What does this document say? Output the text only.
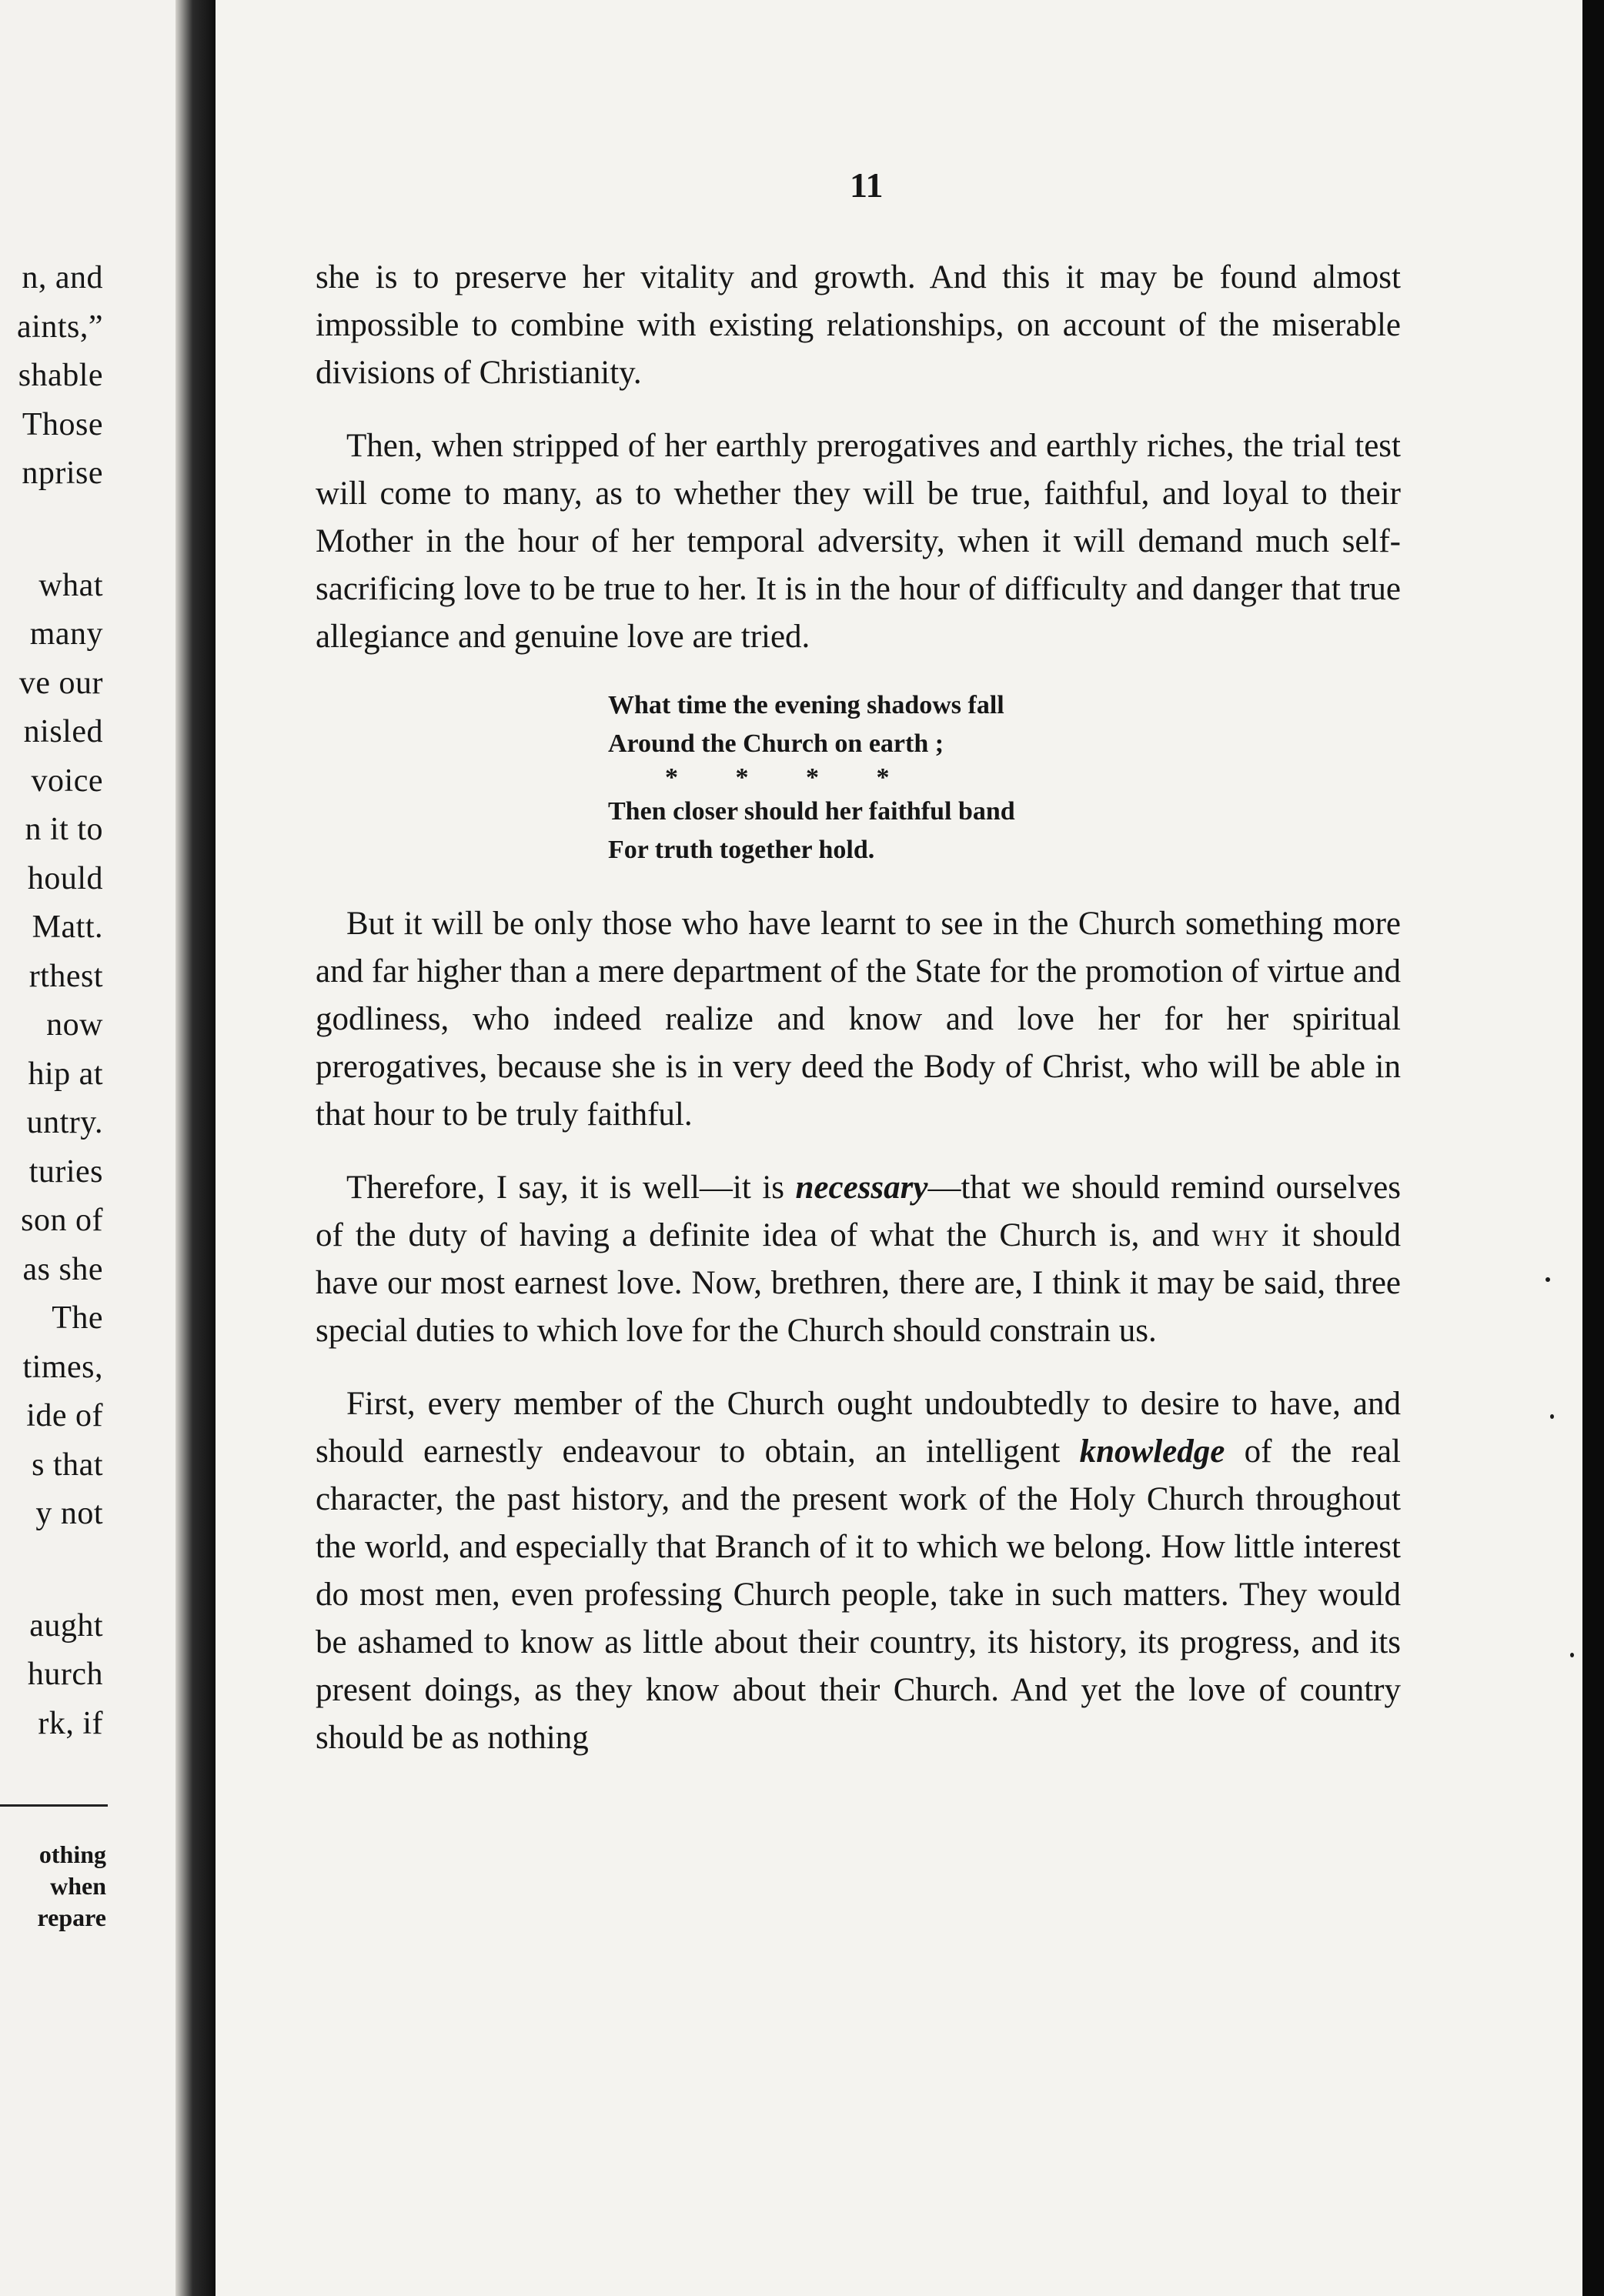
n, and
aints,”
shable
Those
nprise
what
many
ve our
nisled
voice
n it to
hould
Matt.
rthest
now
hip at
untry.
turies
son of
as she
The
times,
ide of
s that
y not
aught
hurch
rk, if
othing
when
repare
11

she is to preserve her vitality and growth. And this it may be found almost impossible to combine with existing relationships, on account of the miserable divisions of Christianity.

Then, when stripped of her earthly prerogatives and earthly riches, the trial test will come to many, as to whether they will be true, faithful, and loyal to their Mother in the hour of her temporal adversity, when it will demand much self-sacrificing love to be true to her. It is in the hour of difficulty and danger that true allegiance and genuine love are tried.

What time the evening shadows fall
Around the Church on earth ;
* * * *
Then closer should her faithful band
For truth together hold.

But it will be only those who have learnt to see in the Church something more and far higher than a mere department of the State for the promotion of virtue and godliness, who indeed realize and know and love her for her spiritual prerogatives, because she is in very deed the Body of Christ, who will be able in that hour to be truly faithful.

Therefore, I say, it is well—it is necessary—that we should remind ourselves of the duty of having a definite idea of what the Church is, and why it should have our most earnest love. Now, brethren, there are, I think it may be said, three special duties to which love for the Church should constrain us.

First, every member of the Church ought undoubtedly to desire to have, and should earnestly endeavour to obtain, an intelligent knowledge of the real character, the past history, and the present work of the Holy Church throughout the world, and especially that Branch of it to which we belong. How little interest do most men, even professing Church people, take in such matters. They would be ashamed to know as little about their country, its history, its progress, and its present doings, as they know about their Church. And yet the love of country should be as nothing
